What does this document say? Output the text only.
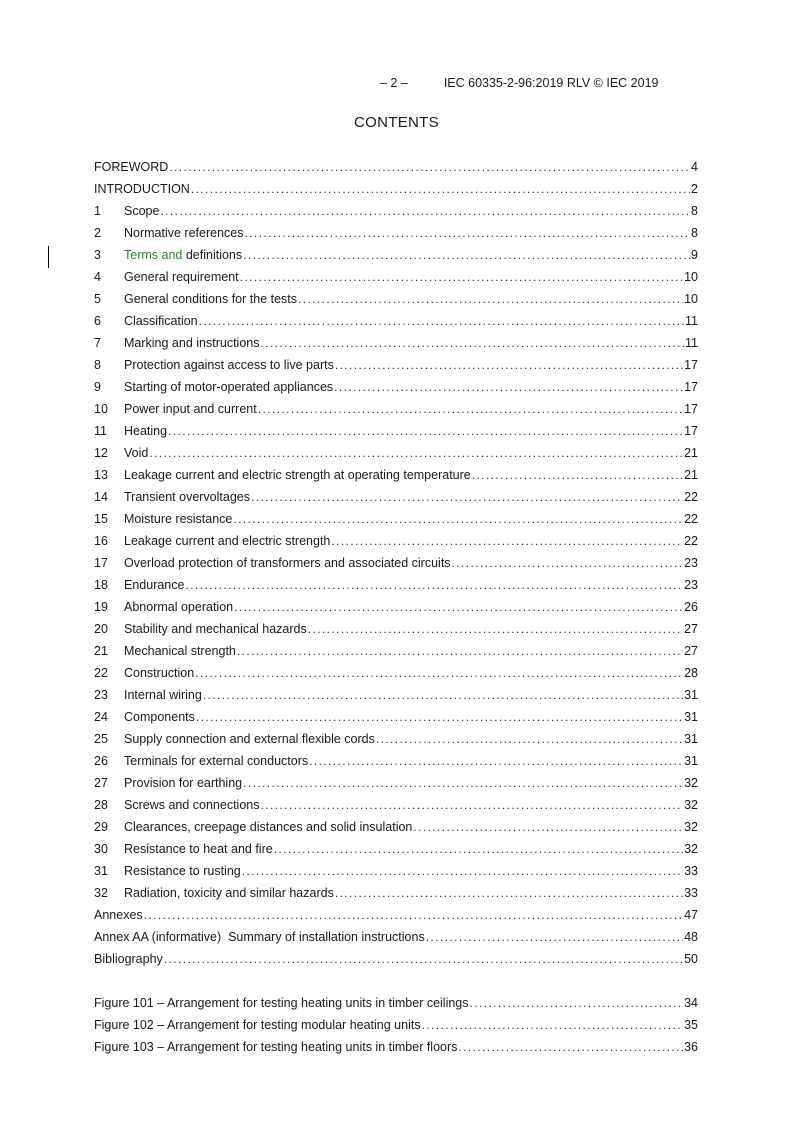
– 2 –	IEC 60335-2-96:2019 RLV © IEC 2019
CONTENTS
FOREWORD .....	4
INTRODUCTION .....	2
1	Scope .....	8
2	Normative references .....	8
3	Terms and definitions .....	9
4	General requirement .....	10
5	General conditions for the tests .....	10
6	Classification .....	11
7	Marking and instructions .....	11
8	Protection against access to live parts .....	17
9	Starting of motor-operated appliances .....	17
10	Power input and current .....	17
11	Heating .....	17
12	Void .....	21
13	Leakage current and electric strength at operating temperature .....	21
14	Transient overvoltages .....	22
15	Moisture resistance .....	22
16	Leakage current and electric strength .....	22
17	Overload protection of transformers and associated circuits .....	23
18	Endurance .....	23
19	Abnormal operation .....	26
20	Stability and mechanical hazards .....	27
21	Mechanical strength .....	27
22	Construction .....	28
23	Internal wiring .....	31
24	Components .....	31
25	Supply connection and external flexible cords .....	31
26	Terminals for external conductors .....	31
27	Provision for earthing .....	32
28	Screws and connections .....	32
29	Clearances, creepage distances and solid insulation .....	32
30	Resistance to heat and fire .....	32
31	Resistance to rusting .....	33
32	Radiation, toxicity and similar hazards .....	33
Annexes .....	47
Annex AA (informative)  Summary of installation instructions .....	48
Bibliography .....	50
Figure 101 – Arrangement for testing heating units in timber ceilings .....	34
Figure 102 – Arrangement for testing modular heating units .....	35
Figure 103 – Arrangement for testing heating units in timber floors .....	36
